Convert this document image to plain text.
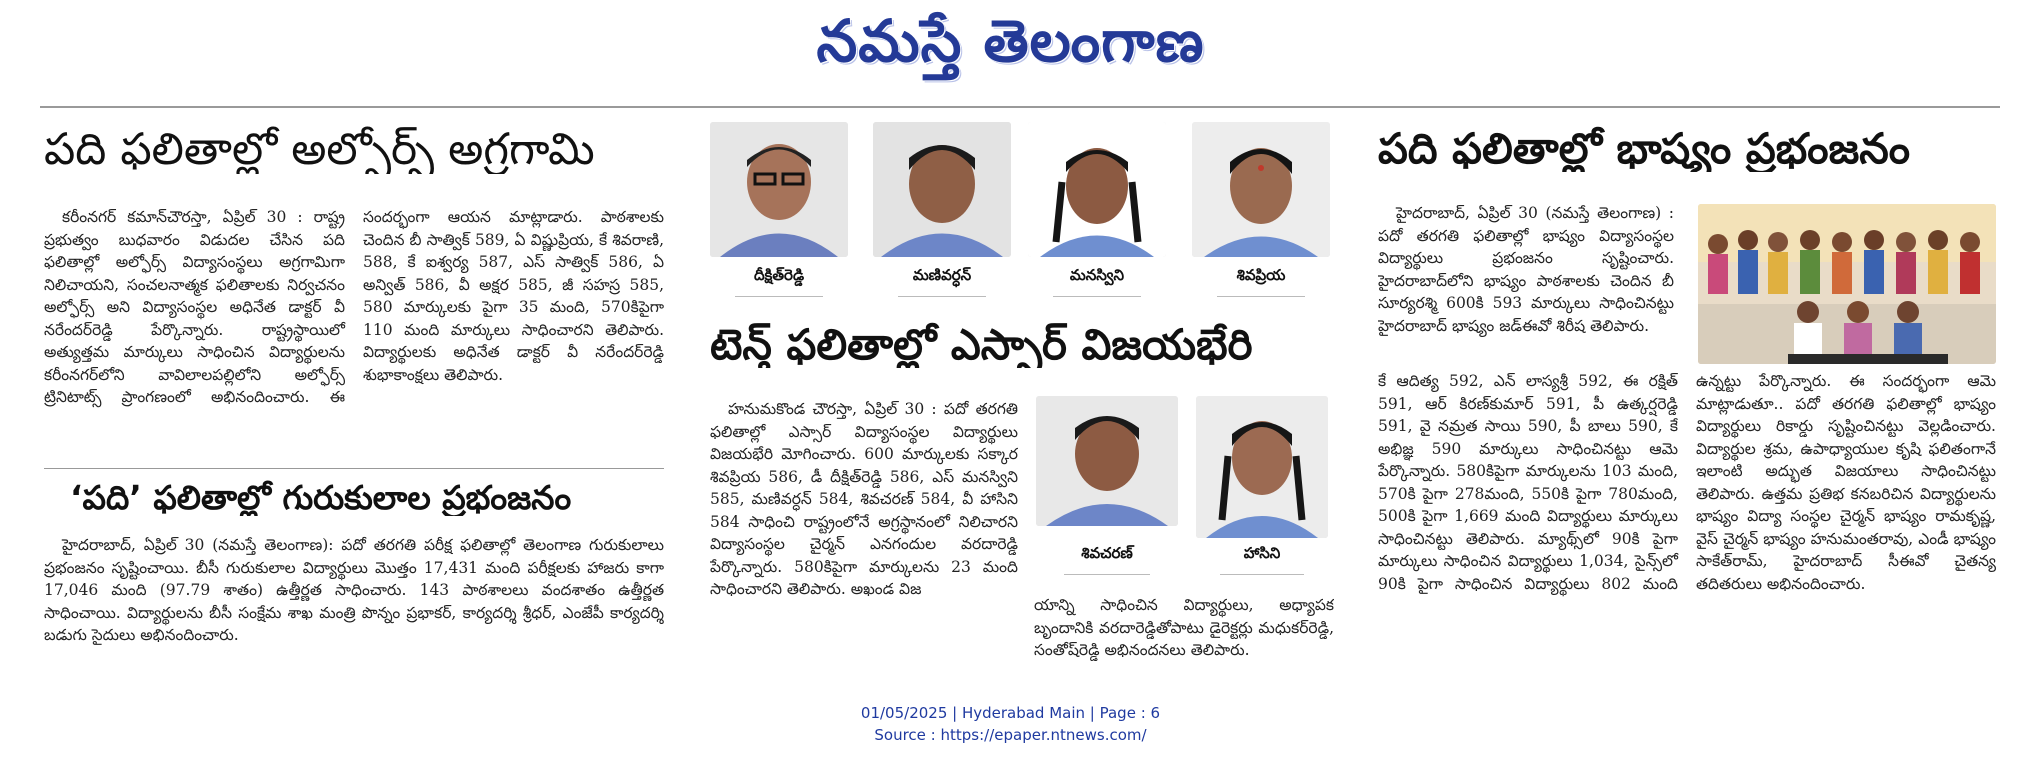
నమస్తే తెలంగాణ
పది ఫలితాల్లో అల్ఫోర్స్ అగ్రగామి
కరీంనగర్ కమాన్‌చౌరస్తా, ఏప్రిల్ 30 : రాష్ట్ర ప్రభుత్వం బుధవారం విడుదల చేసిన పది ఫలితాల్లో అల్ఫోర్స్ విద్యాసంస్థలు అగ్రగామిగా నిలిచాయని, సంచలనాత్మక ఫలితాలకు నిర్వచనం అల్ఫోర్స్ అని విద్యాసంస్థల అధినేత డాక్టర్ వీ నరేందర్‌రెడ్డి పేర్కొన్నారు. రాష్ట్రస్థాయిలో అత్యుత్తమ మార్కులు సాధించిన విద్యార్థులను కరీంనగర్‌లోని వావిలాలపల్లిలోని అల్ఫోర్స్ ట్రినిటాట్స్ ప్రాంగణంలో అభినందించారు. ఈ సందర్భంగా ఆయన మాట్లాడారు. పాఠశాలకు చెందిన బీ సాత్విక్ 589, ఏ విష్ణుప్రియ, కే శివరాణి, 588, కే ఐశ్వర్య 587, ఎస్ సాత్విక్ 586, ఏ అన్విత్ 586, వీ అక్షర 585, జీ సహస్ర 585, 580 మార్కులకు పైగా 35 మంది, 570కిపైగా 110 మంది మార్కులు సాధించారని తెలిపారు. విద్యార్థులకు అధినేత డాక్టర్ వీ నరేందర్‌రెడ్డి శుభాకాంక్షలు తెలిపారు.
‘పది’ ఫలితాల్లో గురుకులాల ప్రభంజనం
హైదరాబాద్, ఏప్రిల్ 30 (నమస్తే తెలంగాణ): పదో తరగతి పరీక్ష ఫలితాల్లో తెలంగాణ గురుకులాలు ప్రభంజనం సృష్టించాయి. బీసీ గురుకులాల విద్యార్థులు మొత్తం 17,431 మంది పరీక్షలకు హాజరు కాగా 17,046 మంది (97.79 శాతం) ఉత్తీర్ణత సాధించారు. 143 పాఠశాలలు వందశాతం ఉత్తీర్ణత సాధించాయి. విద్యార్థులను బీసీ సంక్షేమ శాఖ మంత్రి పొన్నం ప్రభాకర్, కార్యదర్శి శ్రీధర్, ఎంజేపీ కార్యదర్శి బడుగు సైదులు అభినందించారు.
దీక్షిత్‌రెడ్డి	మణివర్ధన్	మనస్విని	శివప్రియ
టెన్త్ ఫలితాల్లో ఎస్సార్ విజయభేరి
హనుమకొండ చౌరస్తా, ఏప్రిల్ 30 : పదో తరగతి ఫలితాల్లో ఎస్సార్ విద్యాసంస్థల విద్యార్థులు విజయభేరి మోగించారు. 600 మార్కులకు సక్కార శివప్రియ 586, డీ దీక్షిత్‌రెడ్డి 586, ఎస్ మనస్విని 585, మణివర్ధన్ 584, శివచరణ్ 584, వీ హాసిని 584 సాధించి రాష్ట్రంలోనే అగ్రస్థానంలో నిలిచారని విద్యాసంస్థల చైర్మన్ ఎనగందుల వరదారెడ్డి పేర్కొన్నారు. 580కిపైగా మార్కులను 23 మంది సాధించారని తెలిపారు. అఖండ విజ
శివచరణ్	హాసిని
యాన్ని సాధించిన విద్యార్థులు, అధ్యాపక బృందానికి వరదారెడ్డితోపాటు డైరెక్టర్లు మధుకర్‌రెడ్డి, సంతోష్‌రెడ్డి అభినందనలు తెలిపారు.
పది ఫలితాల్లో భాష్యం ప్రభంజనం
హైదరాబాద్, ఏప్రిల్ 30 (నమస్తే తెలంగాణ) : పదో తరగతి ఫలితాల్లో భాష్యం విద్యాసంస్థల విద్యార్థులు ప్రభంజనం సృష్టించారు. హైదరాబాద్‌లోని భాష్యం పాఠశాలకు చెందిన బీ సూర్యరశ్మి 600కి 593 మార్కులు సాధించినట్టు హైదరాబాద్ భాష్యం జడ్‌ఈవో శిరీష తెలిపారు.
కే ఆదిత్య 592, ఎన్ లాస్యశ్రీ 592, ఈ రక్షిత్ 591, ఆర్ కిరణ్‌కుమార్ 591, పీ ఉత్కర్షరెడ్డి 591, వై నమ్రత సాయి 590, పీ బాలు 590, కే అభిజ్ఞ 590 మార్కులు సాధించినట్టు ఆమె పేర్కొన్నారు. 580కిపైగా మార్కులను 103 మంది, 570కి పైగా 278మంది, 550కి పైగా 780మంది, 500కి పైగా 1,669 మంది విద్యార్థులు మార్కులు సాధించినట్టు తెలిపారు. మ్యాథ్స్‌లో 90కి పైగా మార్కులు సాధించిన విద్యార్థులు 1,034, సైన్స్‌లో 90కి పైగా సాధించిన విద్యార్థులు 802 మంది ఉన్నట్టు పేర్కొన్నారు. ఈ సందర్భంగా ఆమె మాట్లాడుతూ.. పదో తరగతి ఫలితాల్లో భాష్యం విద్యార్థులు రికార్డు సృష్టించినట్టు వెల్లడించారు. విద్యార్థుల శ్రమ, ఉపాధ్యాయుల కృషి ఫలితంగానే ఇలాంటి అద్భుత విజయాలు సాధించినట్టు తెలిపారు. ఉత్తమ ప్రతిభ కనబరిచిన విద్యార్థులను భాష్యం విద్యా సంస్థల చైర్మన్ భాష్యం రామకృష్ణ, వైస్ చైర్మన్ భాష్యం హనుమంతరావు, ఎండీ భాష్యం సాకేత్‌రామ్, హైదరాబాద్ సీఈవో చైతన్య తదితరులు అభినందించారు.
01/05/2025 | Hyderabad Main | Page : 6
Source : https://epaper.ntnews.com/
